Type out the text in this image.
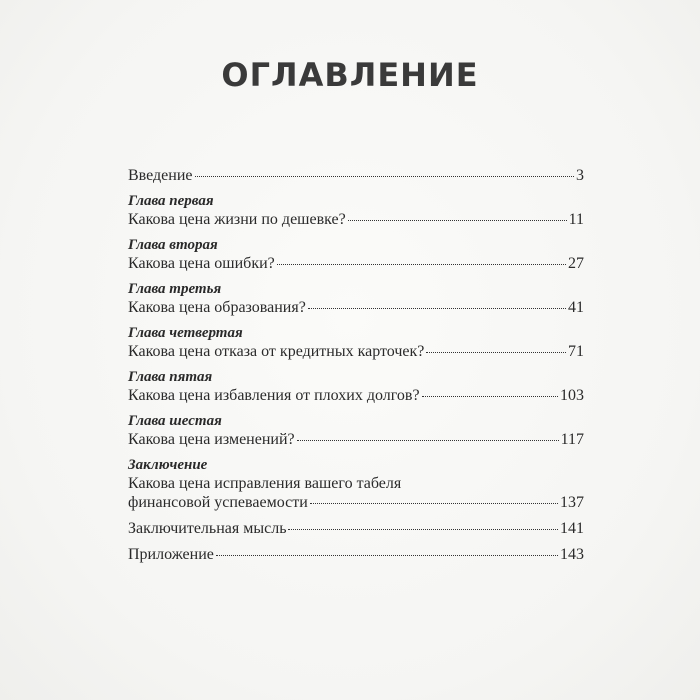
ОГЛАВЛЕНИЕ
Введение	3
Глава первая
Какова цена жизни по дешевке?	11
Глава вторая
Какова цена ошибки?	27
Глава третья
Какова цена образования?	41
Глава четвертая
Какова цена отказа от кредитных карточек?	71
Глава пятая
Какова цена избавления от плохих долгов?	103
Глава шестая
Какова цена изменений?	117
Заключение
Какова цена исправления вашего табеля
финансовой успеваемости	137
Заключительная мысль	141
Приложение	143
